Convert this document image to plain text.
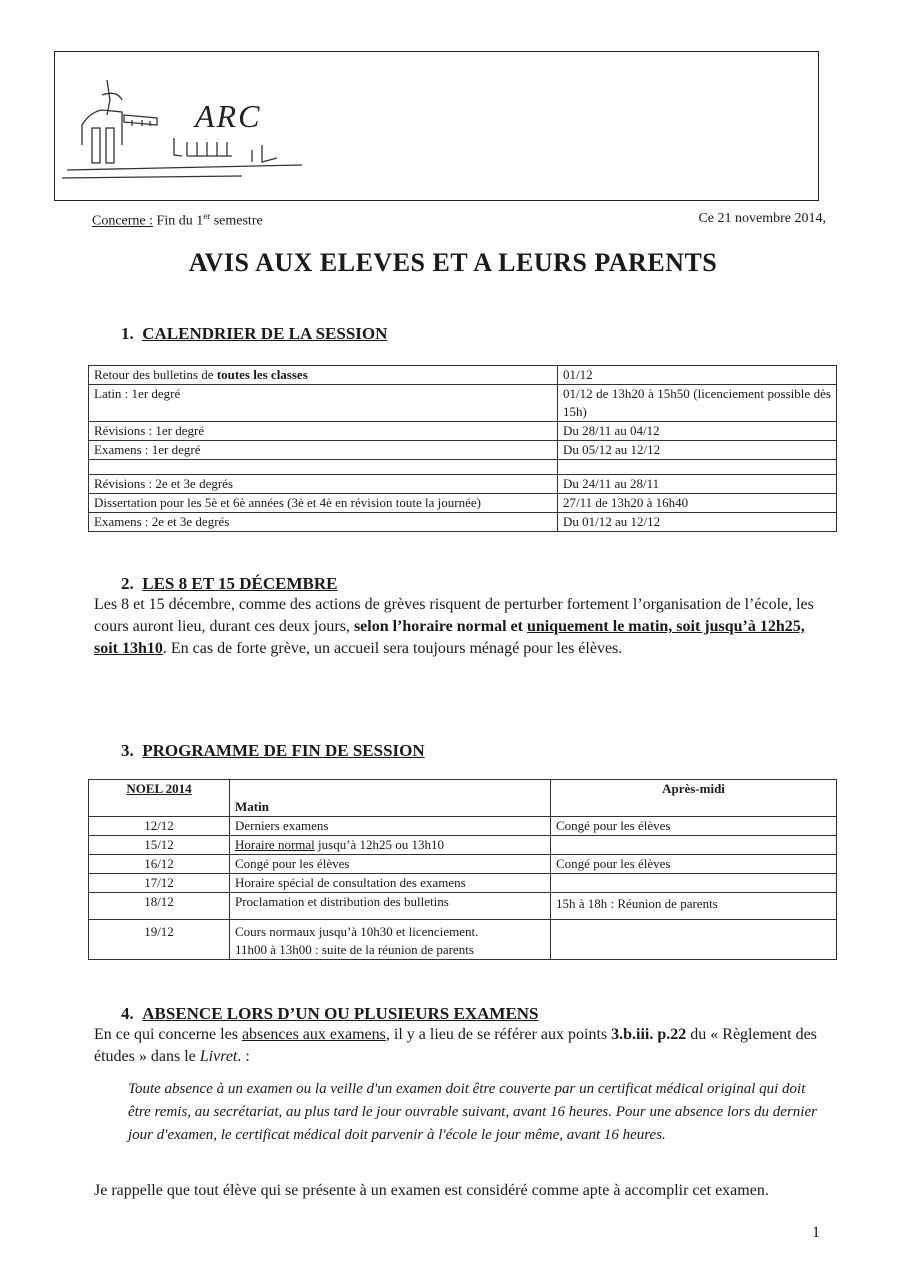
ARC
Concerne : Fin du 1er semestre	Ce 21 novembre 2014,
AVIS AUX ELEVES ET A LEURS PARENTS
1. CALENDRIER DE LA SESSION
Retour des bulletins de toutes les classes	01/12
Latin : 1er degré	01/12 de 13h20 à 15h50 (licenciement possible dès 15h)
Révisions : 1er degré	Du 28/11 au 04/12
Examens : 1er degré	Du 05/12 au 12/12

Révisions : 2e et 3e degrés	Du 24/11 au 28/11
Dissertation pour les 5è et 6è années (3è et 4è en révision toute la journée)	27/11 de 13h20 à 16h40
Examens : 2e et 3e degrés	Du 01/12 au 12/12
2. LES 8 ET 15 DÉCEMBRE
Les 8 et 15 décembre, comme des actions de grèves risquent de perturber fortement l’organisation de l’école, les cours auront lieu, durant ces deux jours, selon l’horaire normal et uniquement le matin, soit jusqu’à 12h25, soit 13h10. En cas de forte grève, un accueil sera toujours ménagé pour les élèves.
3. PROGRAMME DE FIN DE SESSION
NOEL 2014	Matin	Après-midi
12/12	Derniers examens	Congé pour les élèves
15/12	Horaire normal jusqu’à 12h25 ou 13h10	
16/12	Congé pour les élèves	Congé pour les élèves
17/12	Horaire spécial de consultation des examens	
18/12	Proclamation et distribution des bulletins	15h à 18h : Réunion de parents
19/12	Cours normaux jusqu’à 10h30 et licenciement.
11h00 à 13h00 : suite de la réunion de parents	
4. ABSENCE LORS D’UN OU PLUSIEURS EXAMENS
En ce qui concerne les absences aux examens, il y a lieu de se référer aux points 3.b.iii. p.22 du « Règlement des études » dans le Livret. :
Toute absence à un examen ou la veille d'un examen doit être couverte par un certificat médical original qui doit être remis, au secrétariat, au plus tard le jour ouvrable suivant, avant 16 heures. Pour une absence lors du dernier jour d'examen, le certificat médical doit parvenir à l'école le jour même, avant 16 heures.
Je rappelle que tout élève qui se présente à un examen est considéré comme apte à accomplir cet examen.
1
